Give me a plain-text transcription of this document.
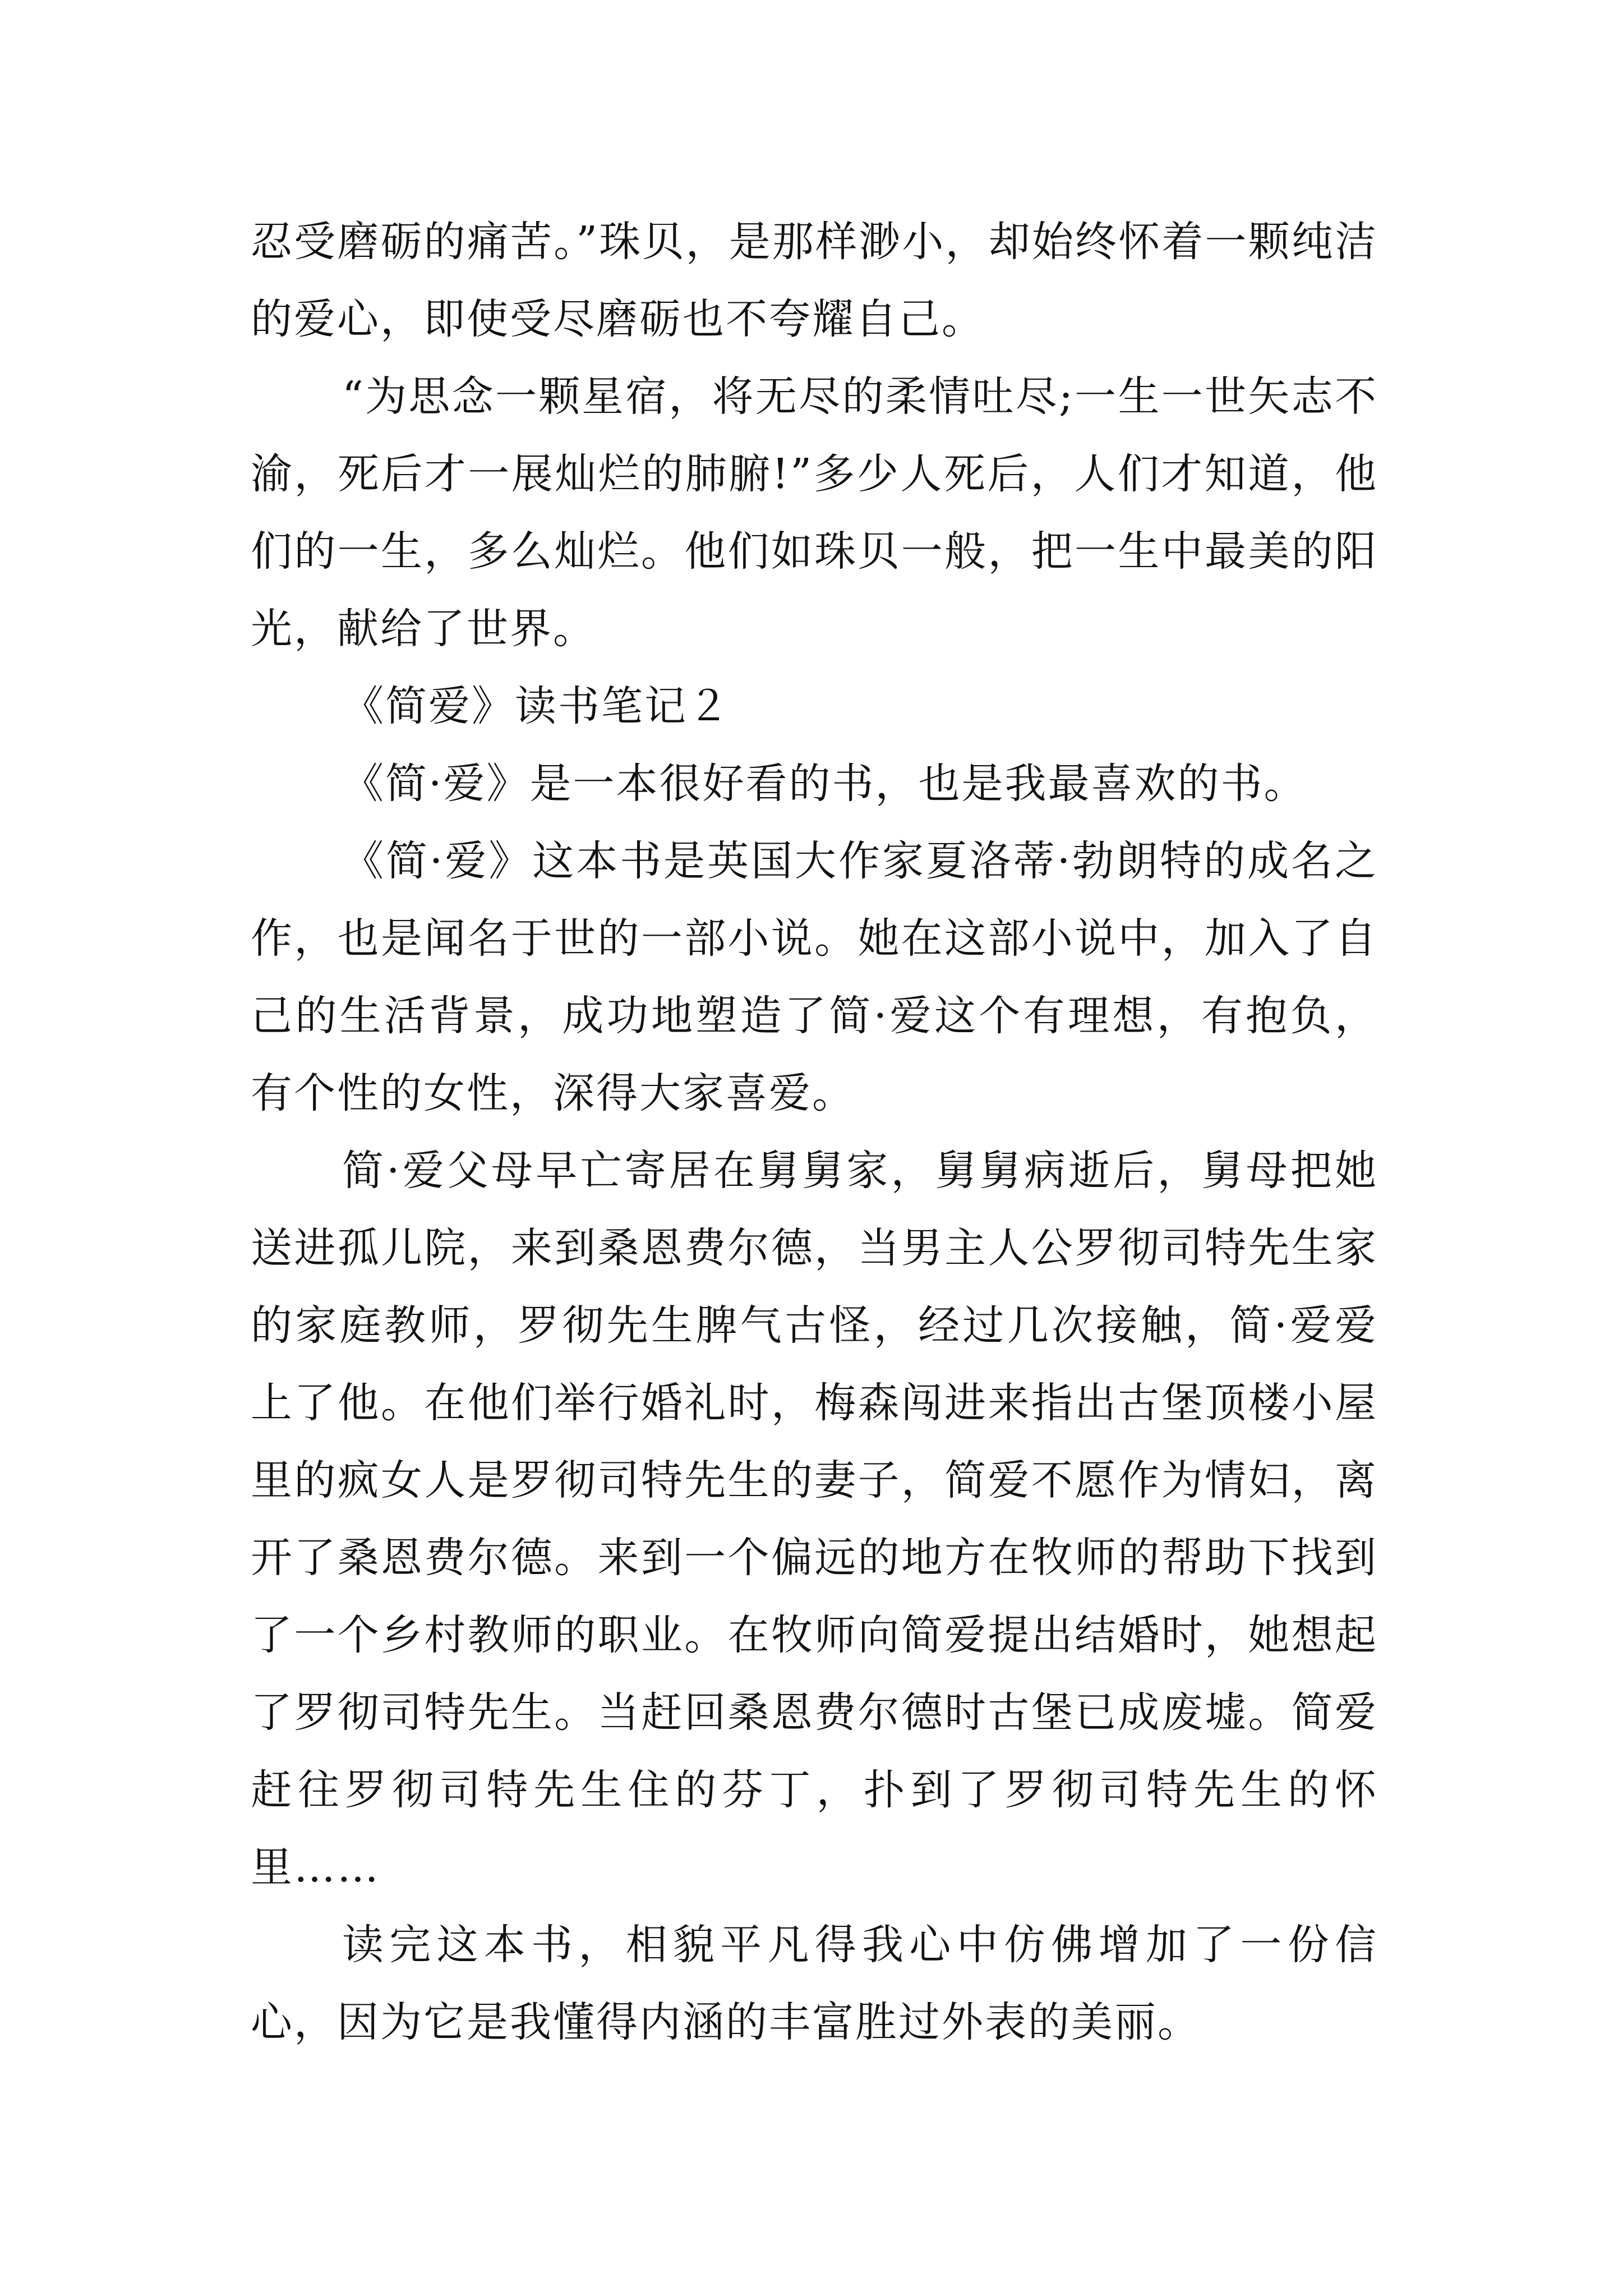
忍受磨砺的痛苦。”珠贝，是那样渺小，却始终怀着一颗纯洁的爱心，即使受尽磨砺也不夸耀自己。

“为思念一颗星宿，将无尽的柔情吐尽;一生一世矢志不渝，死后才一展灿烂的肺腑!”多少人死后，人们才知道，他们的一生，多么灿烂。他们如珠贝一般，把一生中最美的阳光，献给了世界。

《简爱》读书笔记２

《简·爱》是一本很好看的书，也是我最喜欢的书。

《简·爱》这本书是英国大作家夏洛蒂·勃朗特的成名之作，也是闻名于世的一部小说。她在这部小说中，加入了自己的生活背景，成功地塑造了简·爱这个有理想，有抱负，有个性的女性，深得大家喜爱。

简·爱父母早亡寄居在舅舅家，舅舅病逝后，舅母把她送进孤儿院，来到桑恩费尔德，当男主人公罗彻司特先生家的家庭教师，罗彻先生脾气古怪，经过几次接触，简·爱爱上了他。在他们举行婚礼时，梅森闯进来指出古堡顶楼小屋里的疯女人是罗彻司特先生的妻子，简爱不愿作为情妇，离开了桑恩费尔德。来到一个偏远的地方在牧师的帮助下找到了一个乡村教师的职业。在牧师向简爱提出结婚时，她想起了罗彻司特先生。当赶回桑恩费尔德时古堡已成废墟。简爱赶往罗彻司特先生住的芬丁，扑到了罗彻司特先生的怀里……

读完这本书，相貌平凡得我心中仿佛增加了一份信心，因为它是我懂得内涵的丰富胜过外表的美丽。
